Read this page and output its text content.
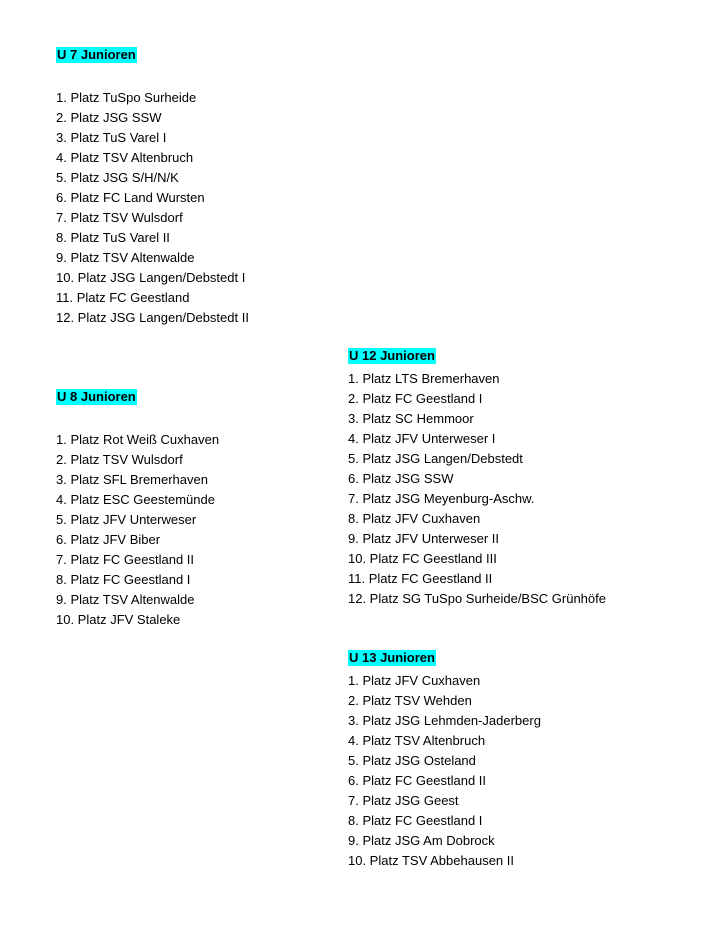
U 7 Junioren
1. Platz TuSpo Surheide
2. Platz JSG SSW
3. Platz TuS Varel I
4. Platz TSV Altenbruch
5. Platz JSG S/H/N/K
6. Platz FC Land Wursten
7. Platz TSV Wulsdorf
8. Platz TuS Varel II
9. Platz TSV Altenwalde
10. Platz JSG Langen/Debstedt I
11. Platz FC Geestland
12. Platz JSG Langen/Debstedt II
U 8 Junioren
1. Platz Rot Weiß Cuxhaven
2. Platz TSV Wulsdorf
3. Platz SFL Bremerhaven
4. Platz ESC Geestemünde
5. Platz JFV Unterweser
6. Platz JFV Biber
7. Platz FC Geestland II
8. Platz FC Geestland I
9. Platz TSV Altenwalde
10. Platz JFV Staleke
U 12 Junioren
1. Platz LTS Bremerhaven
2. Platz FC Geestland I
3. Platz SC Hemmoor
4. Platz JFV Unterweser I
5. Platz JSG Langen/Debstedt
6. Platz JSG SSW
7. Platz JSG Meyenburg-Aschw.
8. Platz JFV Cuxhaven
9. Platz JFV Unterweser II
10. Platz FC Geestland III
11. Platz FC Geestland II
12. Platz SG TuSpo Surheide/BSC Grünhöfe
U 13 Junioren
1. Platz JFV Cuxhaven
2. Platz TSV Wehden
3. Platz JSG Lehmden-Jaderberg
4. Platz TSV Altenbruch
5. Platz JSG Osteland
6. Platz FC Geestland II
7. Platz JSG Geest
8. Platz FC Geestland I
9. Platz JSG Am Dobrock
10. Platz TSV Abbehausen II
